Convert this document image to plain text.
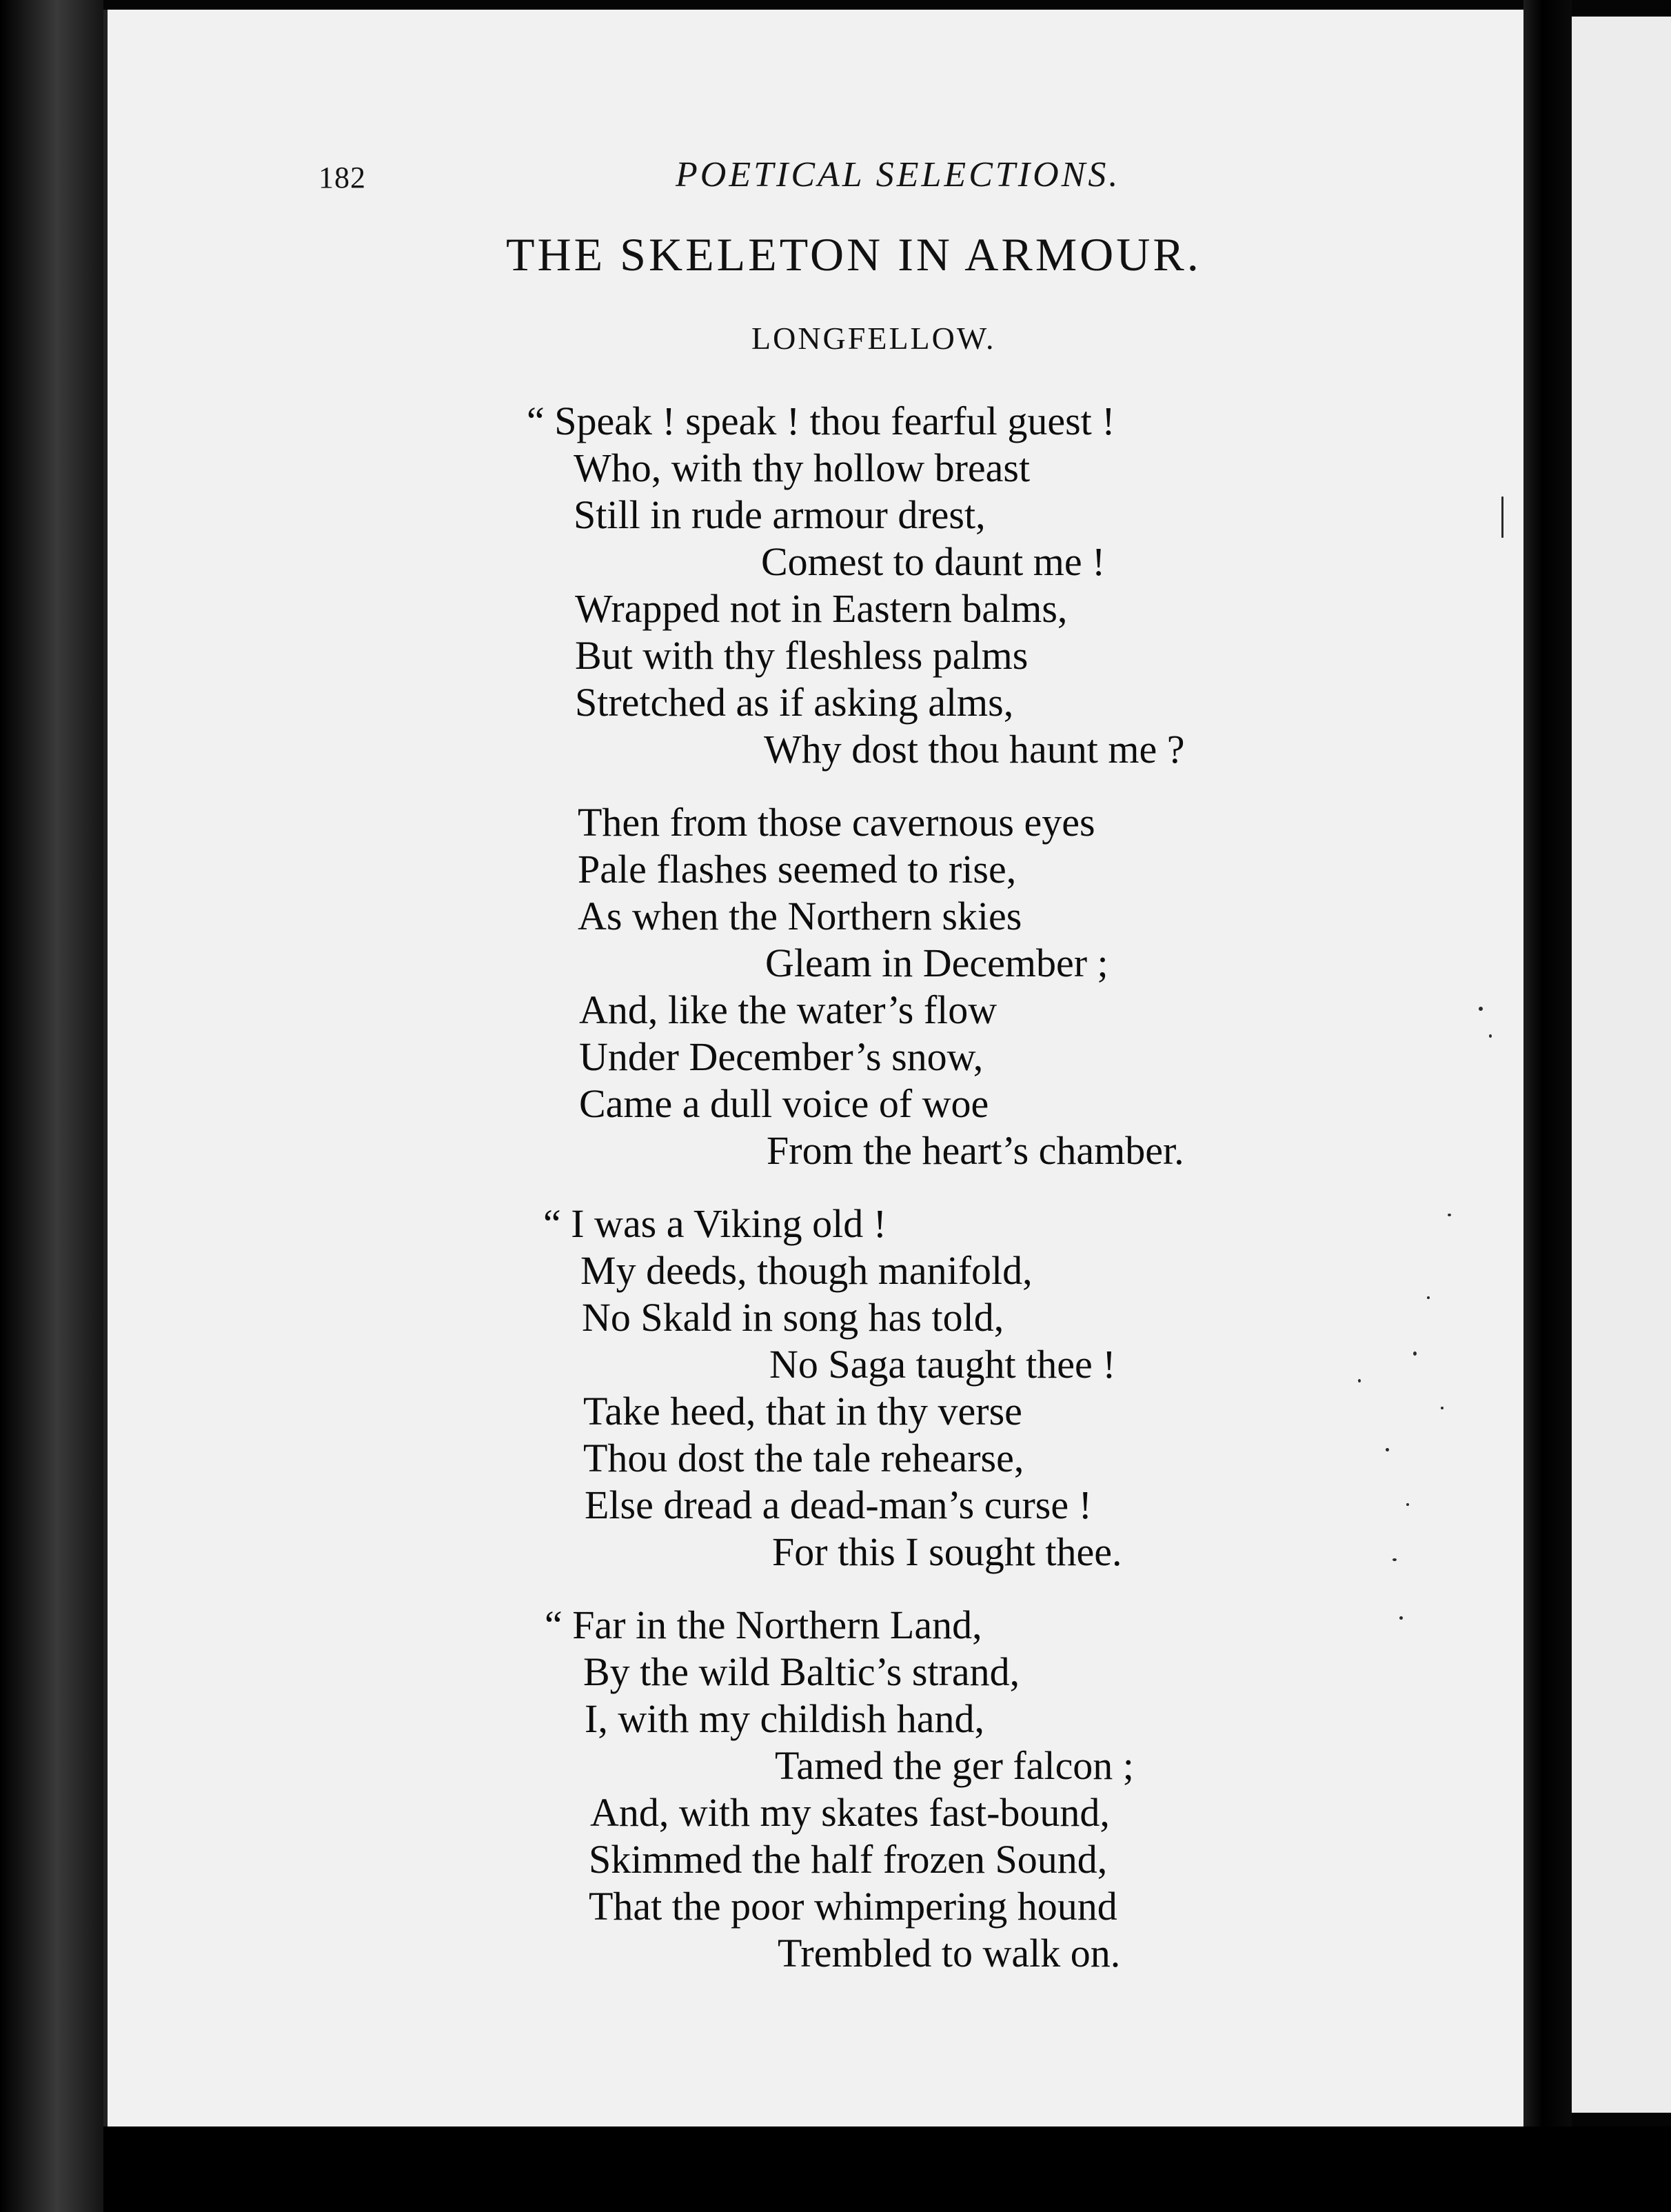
182	POETICAL SELECTIONS.
THE SKELETON IN ARMOUR.
LONGFELLOW.
“ Speak ! speak ! thou fearful guest !
Who, with thy hollow breast
Still in rude armour drest,
Comest to daunt me !
Wrapped not in Eastern balms,
But with thy fleshless palms
Stretched as if asking alms,
Why dost thou haunt me ?
Then from those cavernous eyes
Pale flashes seemed to rise,
As when the Northern skies
Gleam in December ;
And, like the water’s flow
Under December’s snow,
Came a dull voice of woe
From the heart’s chamber.
“ I was a Viking old !
My deeds, though manifold,
No Skald in song has told,
No Saga taught thee !
Take heed, that in thy verse
Thou dost the tale rehearse,
Else dread a dead-man’s curse !
For this I sought thee.
“ Far in the Northern Land,
By the wild Baltic’s strand,
I, with my childish hand,
Tamed the ger falcon ;
And, with my skates fast-bound,
Skimmed the half frozen Sound,
That the poor whimpering hound
Trembled to walk on.
